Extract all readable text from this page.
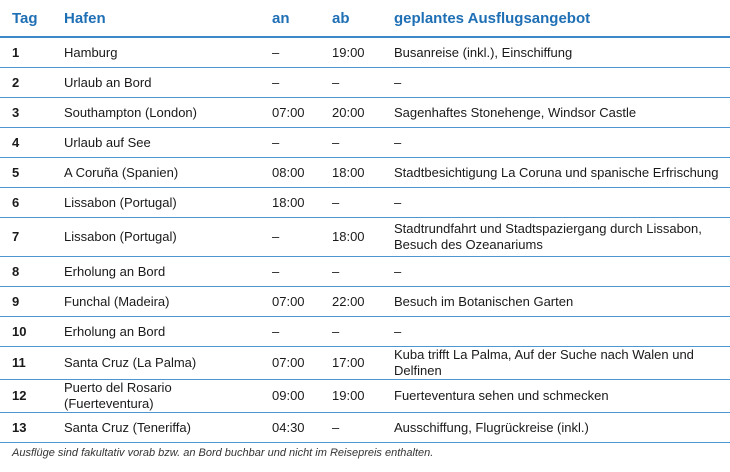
Tag	Hafen	an	ab	geplantes Ausflugsangebot
1	Hamburg	–	19:00	Busanreise (inkl.), Einschiffung
2	Urlaub an Bord	–	–	–
3	Southampton (London)	07:00	20:00	Sagenhaftes Stonehenge, Windsor Castle
4	Urlaub auf See	–	–	–
5	A Coruña (Spanien)	08:00	18:00	Stadtbesichtigung La Coruna und spanische Erfrischung
6	Lissabon (Portugal)	18:00	–	–
7	Lissabon (Portugal)	–	18:00	Stadtrundfahrt und Stadtspaziergang durch Lissabon,
Besuch des Ozeanariums
8	Erholung an Bord	–	–	–
9	Funchal (Madeira)	07:00	22:00	Besuch im Botanischen Garten
10	Erholung an Bord	–	–	–
11	Santa Cruz (La Palma)	07:00	17:00	Kuba trifft La Palma, Auf der Suche nach Walen und Delfinen
12	Puerto del Rosario (Fuerteventura)	09:00	19:00	Fuerteventura sehen und schmecken
13	Santa Cruz (Teneriffa)	04:30	–	Ausschiffung, Flugrückreise (inkl.)
Ausflüge sind fakultativ vorab bzw. an Bord buchbar und nicht im Reisepreis enthalten.
